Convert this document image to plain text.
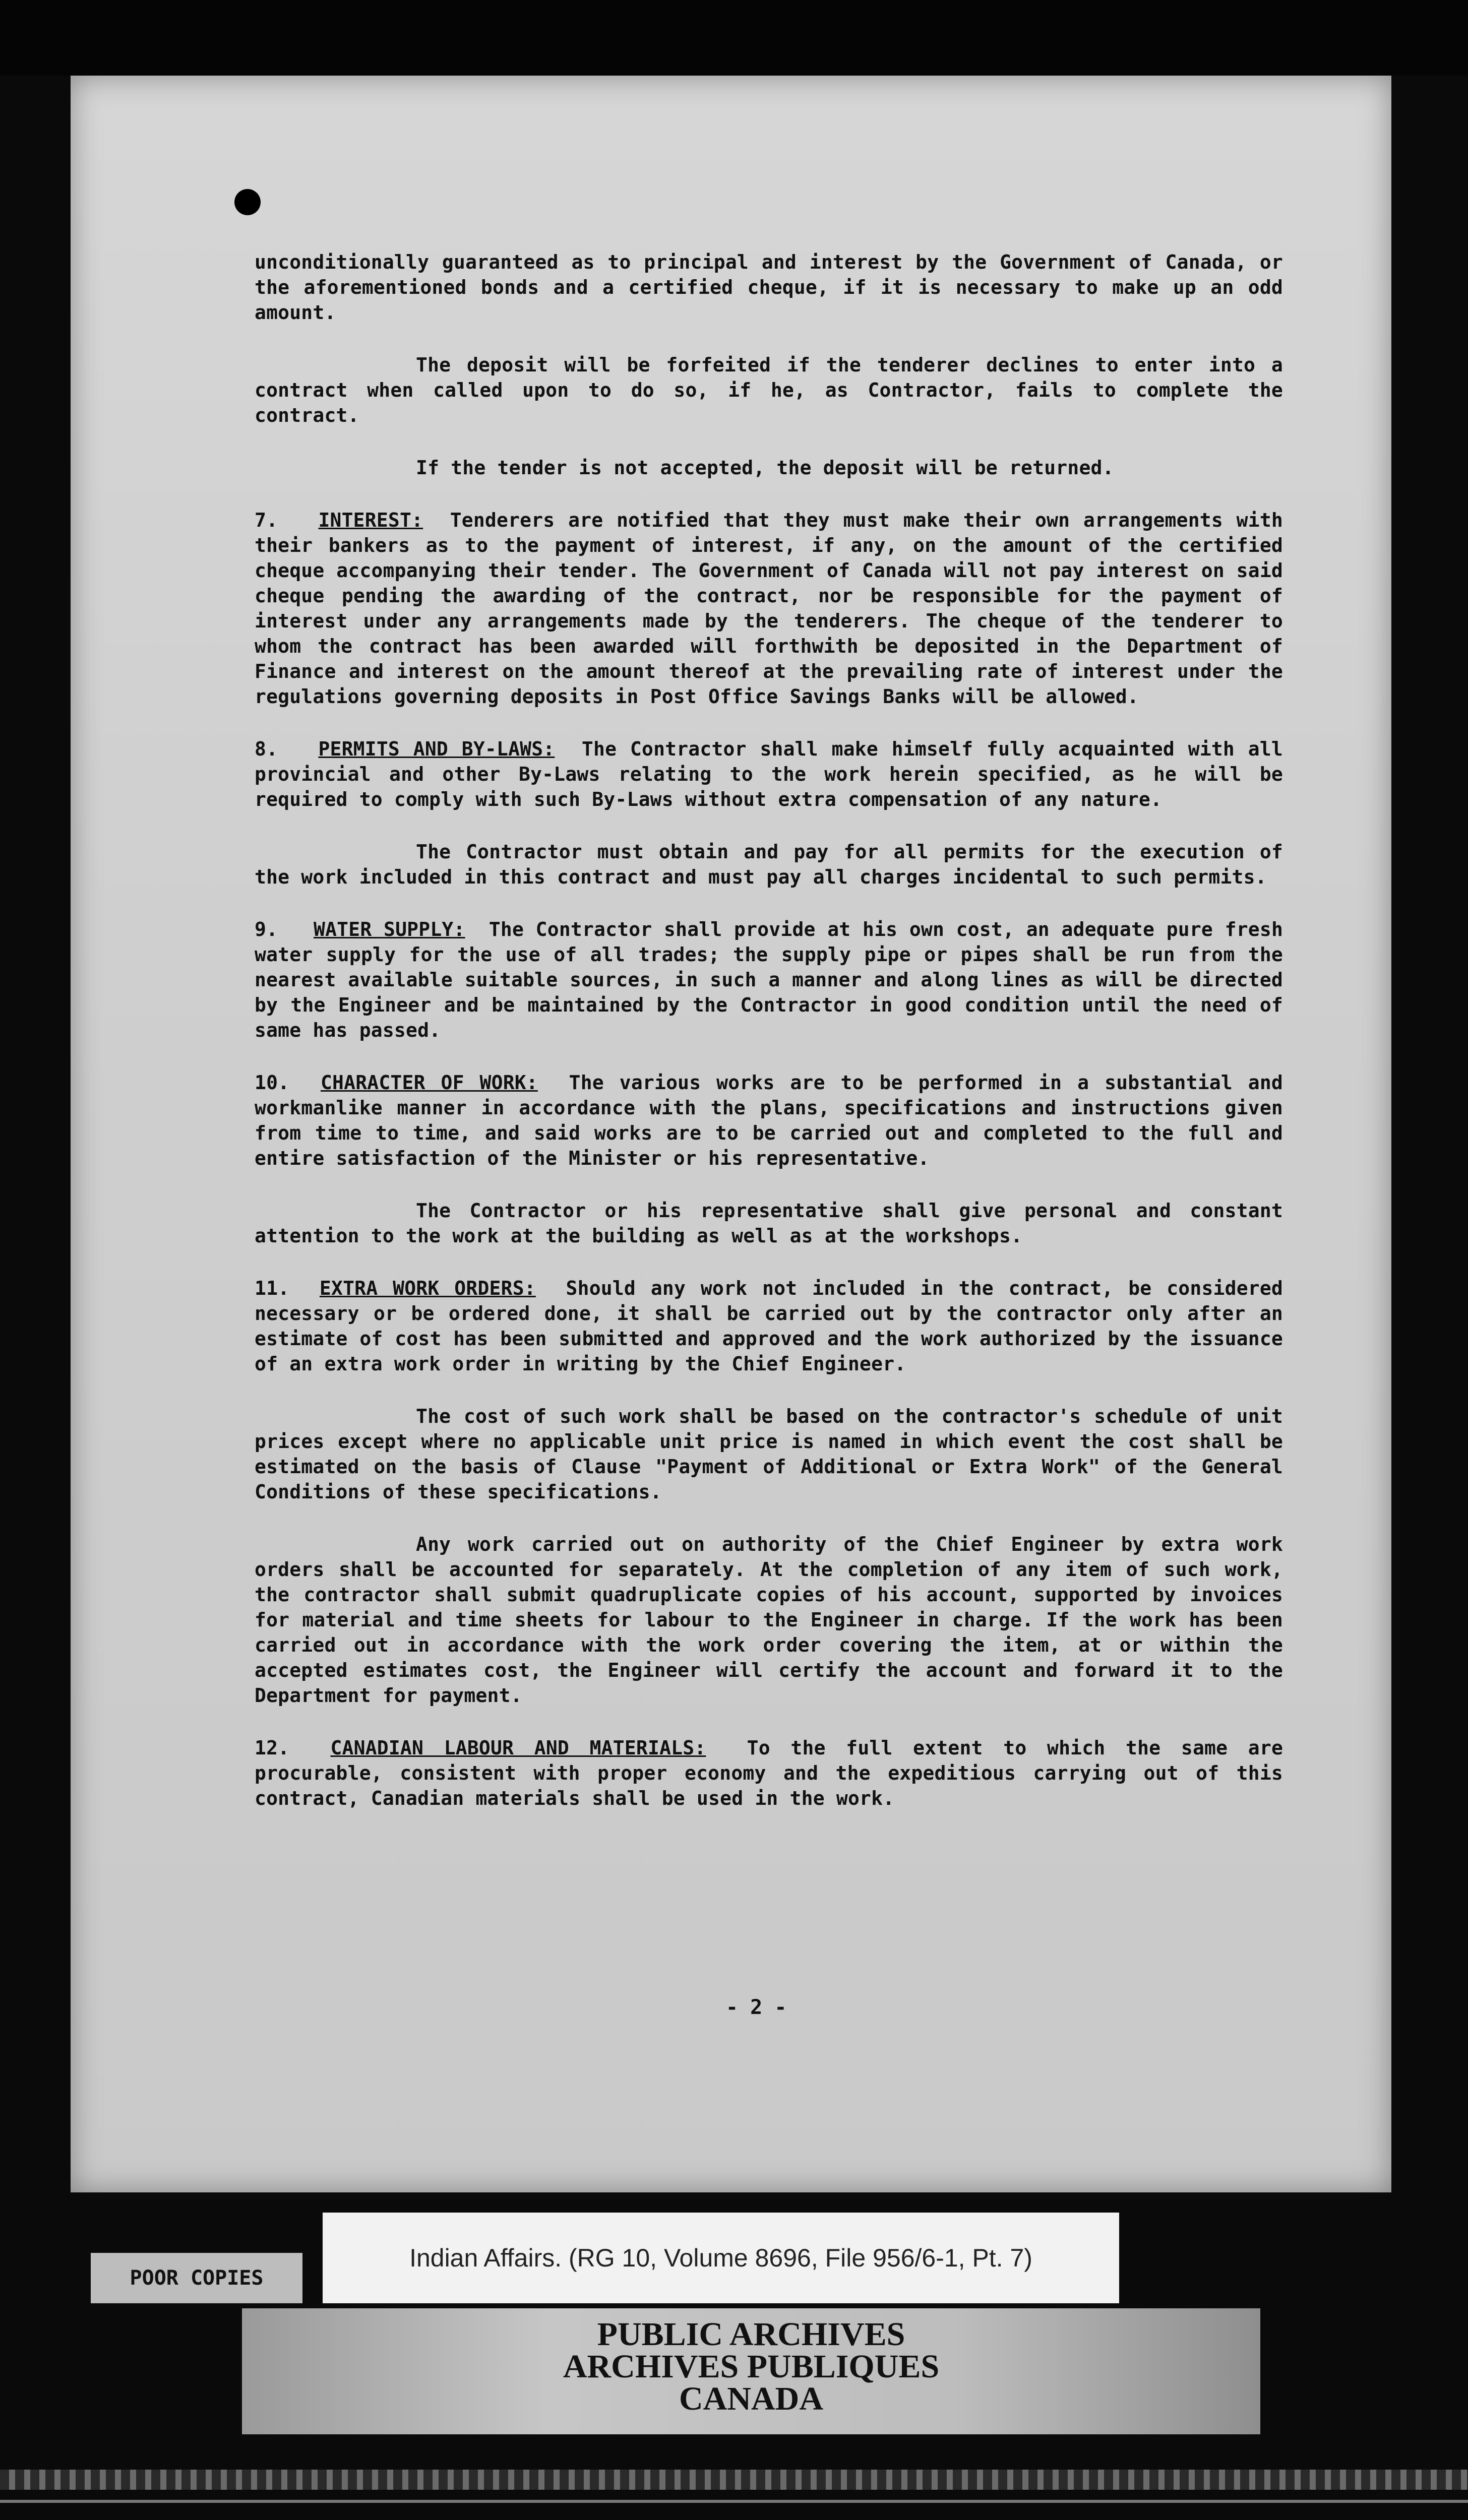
unconditionally guaranteed as to principal and interest by the Government of Canada, or the aforementioned bonds and a certified cheque, if it is necessary to make up an odd amount.

The deposit will be forfeited if the tenderer declines to enter into a contract when called upon to do so, if he, as Contractor, fails to complete the contract.

If the tender is not accepted, the deposit will be returned.

7. INTEREST: Tenderers are notified that they must make their own arrangements with their bankers as to the payment of interest, if any, on the amount of the certified cheque accompanying their tender. The Government of Canada will not pay interest on said cheque pending the awarding of the contract, nor be responsible for the payment of interest under any arrangements made by the tenderers. The cheque of the tenderer to whom the contract has been awarded will forthwith be deposited in the Department of Finance and interest on the amount thereof at the prevailing rate of interest under the regulations governing deposits in Post Office Savings Banks will be allowed.

8. PERMITS AND BY-LAWS: The Contractor shall make himself fully acquainted with all provincial and other By-Laws relating to the work herein specified, as he will be required to comply with such By-Laws without extra compensation of any nature.

The Contractor must obtain and pay for all permits for the execution of the work included in this contract and must pay all charges incidental to such permits.

9. WATER SUPPLY: The Contractor shall provide at his own cost, an adequate pure fresh water supply for the use of all trades; the supply pipe or pipes shall be run from the nearest available suitable sources, in such a manner and along lines as will be directed by the Engineer and be maintained by the Contractor in good condition until the need of same has passed.

10. CHARACTER OF WORK: The various works are to be performed in a substantial and workmanlike manner in accordance with the plans, specifications and instructions given from time to time, and said works are to be carried out and completed to the full and entire satisfaction of the Minister or his representative.

The Contractor or his representative shall give personal and constant attention to the work at the building as well as at the workshops.

11. EXTRA WORK ORDERS: Should any work not included in the contract, be considered necessary or be ordered done, it shall be carried out by the contractor only after an estimate of cost has been submitted and approved and the work authorized by the issuance of an extra work order in writing by the Chief Engineer.

The cost of such work shall be based on the contractor's schedule of unit prices except where no applicable unit price is named in which event the cost shall be estimated on the basis of Clause "Payment of Additional or Extra Work" of the General Conditions of these specifications.

Any work carried out on authority of the Chief Engineer by extra work orders shall be accounted for separately. At the completion of any item of such work, the contractor shall submit quadruplicate copies of his account, supported by invoices for material and time sheets for labour to the Engineer in charge. If the work has been carried out in accordance with the work order covering the item, at or within the accepted estimates cost, the Engineer will certify the account and forward it to the Department for payment.

12. CANADIAN LABOUR AND MATERIALS: To the full extent to which the same are procurable, consistent with proper economy and the expeditious carrying out of this contract, Canadian materials shall be used in the work.

- 2 -
Indian Affairs. (RG 10, Volume 8696, File 956/6-1, Pt. 7)
POOR COPIES
PUBLIC ARCHIVES
ARCHIVES PUBLIQUES
CANADA
